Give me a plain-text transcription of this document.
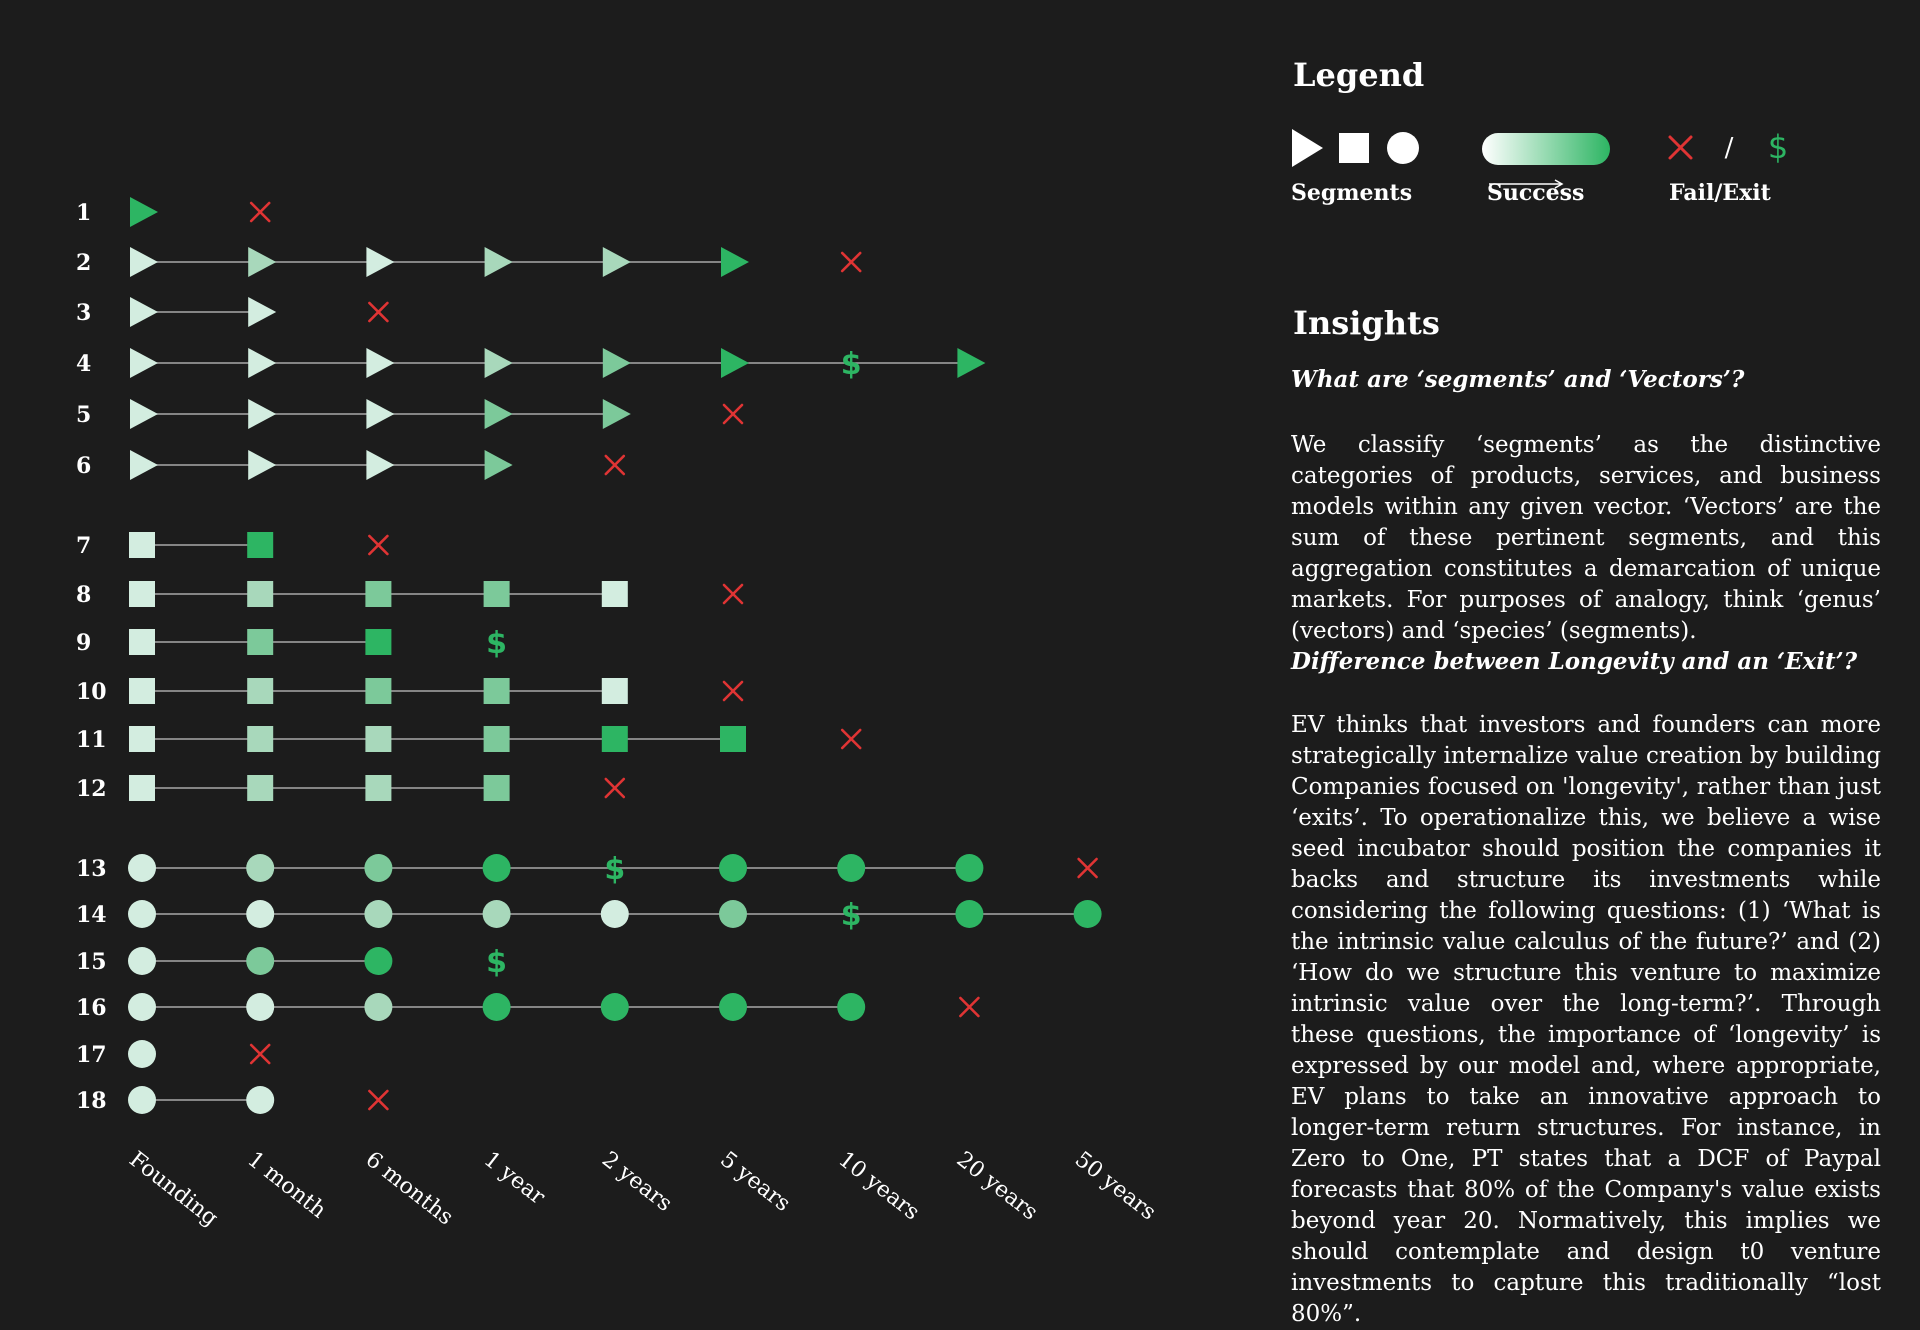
1
2
3
4	$
5
6
7
8
9	$
10
11
12
13	$
14	$
15	$
16
17
18
Founding 1 month 6 months 1 year 2 years 5 years 10 years 20 years 50 years
Legend
/ $
Segments	Success	Fail/Exit
Insights

What are ‘segments’ and ‘Vectors’?

We classify ‘segments’ as the distinctive categories of products, services, and business models within any given vector. ‘Vectors’ are the sum of these pertinent segments, and this aggregation constitutes a demarcation of unique markets. For purposes of analogy, think ‘genus’ (vectors) and ‘species’ (segments).

Difference between Longevity and an ‘Exit’?

EV thinks that investors and founders can more strategically internalize value creation by building Companies focused on 'longevity', rather than just ‘exits’. To operationalize this, we believe a wise seed incubator should position the companies it backs and structure its investments while considering the following questions: (1) ‘What is the intrinsic value calculus of the future?’ and (2) ‘How do we structure this venture to maximize intrinsic value over the long-term?’. Through these questions, the importance of ‘longevity’ is expressed by our model and, where appropriate, EV plans to take an innovative approach to longer-term return structures. For instance, in Zero to One, PT states that a DCF of Paypal forecasts that 80% of the Company's value exists beyond year 20. Normatively, this implies we should contemplate and design t0 venture investments to capture this traditionally “lost 80%”.
